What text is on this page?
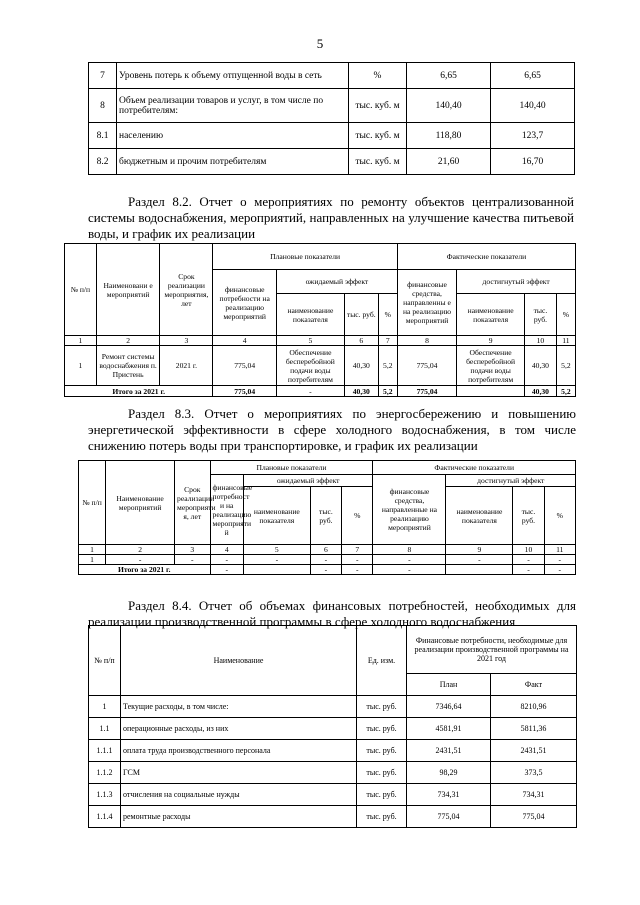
5
7	Уровень потерь к объему отпущенной воды в сеть	%	6,65	6,65
8	Объем реализации товаров и услуг, в том числе по потребителям:	тыс. куб. м	140,40	140,40
8.1	населению	тыс. куб. м	118,80	123,7
8.2	бюджетным и прочим потребителям	тыс. куб. м	21,60	16,70
Раздел 8.2. Отчет о мероприятиях по ремонту объектов централизованной системы водоснабжения, мероприятий, направленных на улучшение качества питьевой воды, и график их реализации
№ п/п	Наименовани е мероприятий	Срок реализации мероприятия, лет	Плановые показатели				Фактические показатели			
			финансовые потребности на реализацию мероприятий	ожидаемый эффект			финансовые средства, направленны е на реализацию мероприятий	достигнутый эффект		
				наименование показателя	тыс. руб.	%		наименование показателя	тыс. руб.	%
1	2	3	4	5	6	7	8	9	10	11
1	Ремонт системы водоснабжения п. Пристень	2021 г.	775,04	Обеспечение бесперебойной подачи воды потребителям	40,30	5,2	775,04	Обеспечение бесперебойной подачи воды потребителям	40,30	5,2
Итого за 2021 г.			775,04	-	40,30	5,2	775,04		40,30	5,2
Раздел 8.3. Отчет о мероприятиях по энергосбережению и повышению энергетической эффективности в сфере холодного водоснабжения, в том числе снижению потерь воды при транспортировке, и график их реализации
№ п/п	Наименование мероприятий	Срок реализации мероприяти я, лет	Плановые показатели				Фактические показатели			
			финансовые потребност и на реализацию мероприяти й	ожидаемый эффект			финансовые средства, направленные на реализацию мероприятий	достигнутый эффект		
				наименование показателя	тыс. руб.	%		наименование показателя	тыс. руб.	%
1	2	3	4	5	6	7	8	9	10	11
1	-	-	-	-	-	-	-	-	-	-
Итого за 2021 г.			-		-	-	-		-	-
Раздел 8.4. Отчет об объемах финансовых потребностей, необходимых для реализации производственной программы в сфере холодного водоснабжения
№ п/п	Наименование	Ед. изм.	Финансовые потребности, необходимые для реализации производственной программы на 2021 год	
			План	Факт
1	Текущие расходы, в том числе:	тыс. руб.	7346,64	8210,96
1.1	операционные расходы, из них	тыс. руб.	4581,91	5811,36
1.1.1	оплата труда производственного персонала	тыс. руб.	2431,51	2431,51
1.1.2	ГСМ	тыс. руб.	98,29	373,5
1.1.3	отчисления на социальные нужды	тыс. руб.	734,31	734,31
1.1.4	ремонтные расходы	тыс. руб.	775,04	775,04
